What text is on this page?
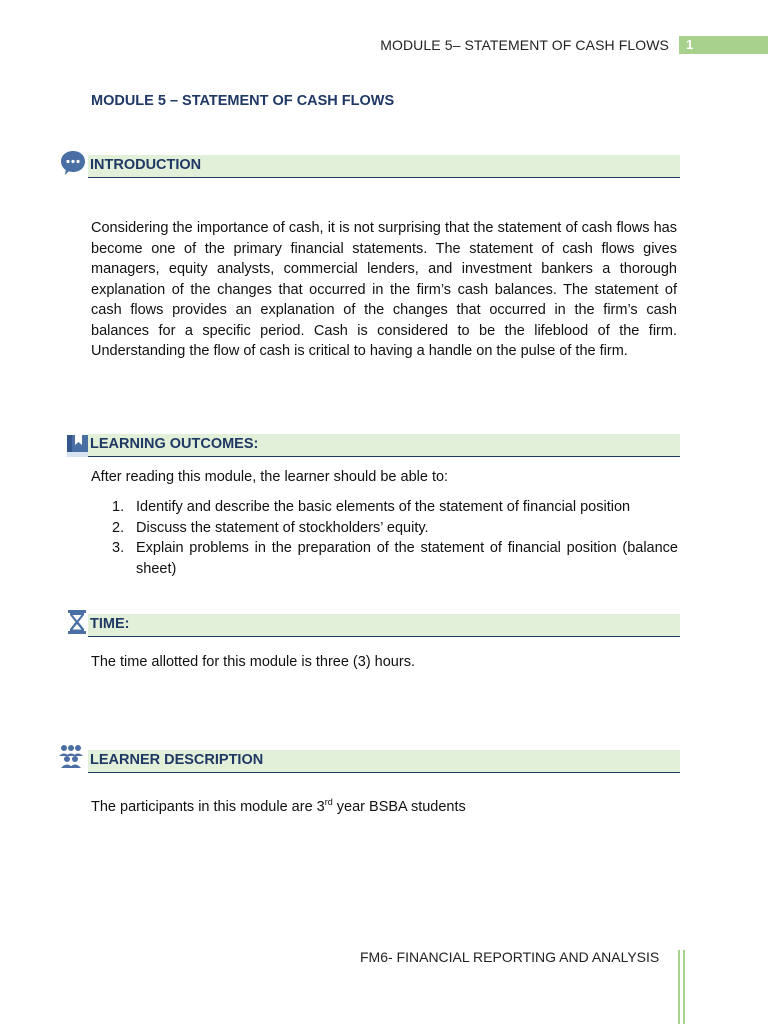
MODULE 5– STATEMENT OF CASH FLOWS	1
MODULE 5 – STATEMENT OF CASH FLOWS
INTRODUCTION
Considering the importance of cash, it is not surprising that the statement of cash flows has become one of the primary financial statements. The statement of cash flows gives managers, equity analysts, commercial lenders, and investment bankers a thorough explanation of the changes that occurred in the firm’s cash balances. The statement of cash flows provides an explanation of the changes that occurred in the firm’s cash balances for a specific period. Cash is considered to be the lifeblood of the firm. Understanding the flow of cash is critical to having a handle on the pulse of the firm.
LEARNING OUTCOMES:
After reading this module, the learner should be able to:
1. Identify and describe the basic elements of the statement of financial position
2. Discuss the statement of stockholders’ equity.
3. Explain problems in the preparation of the statement of financial position (balance sheet)
TIME:
The time allotted for this module is three (3) hours.
LEARNER DESCRIPTION
The participants in this module are 3rd year BSBA students
FM6- FINANCIAL REPORTING AND ANALYSIS
